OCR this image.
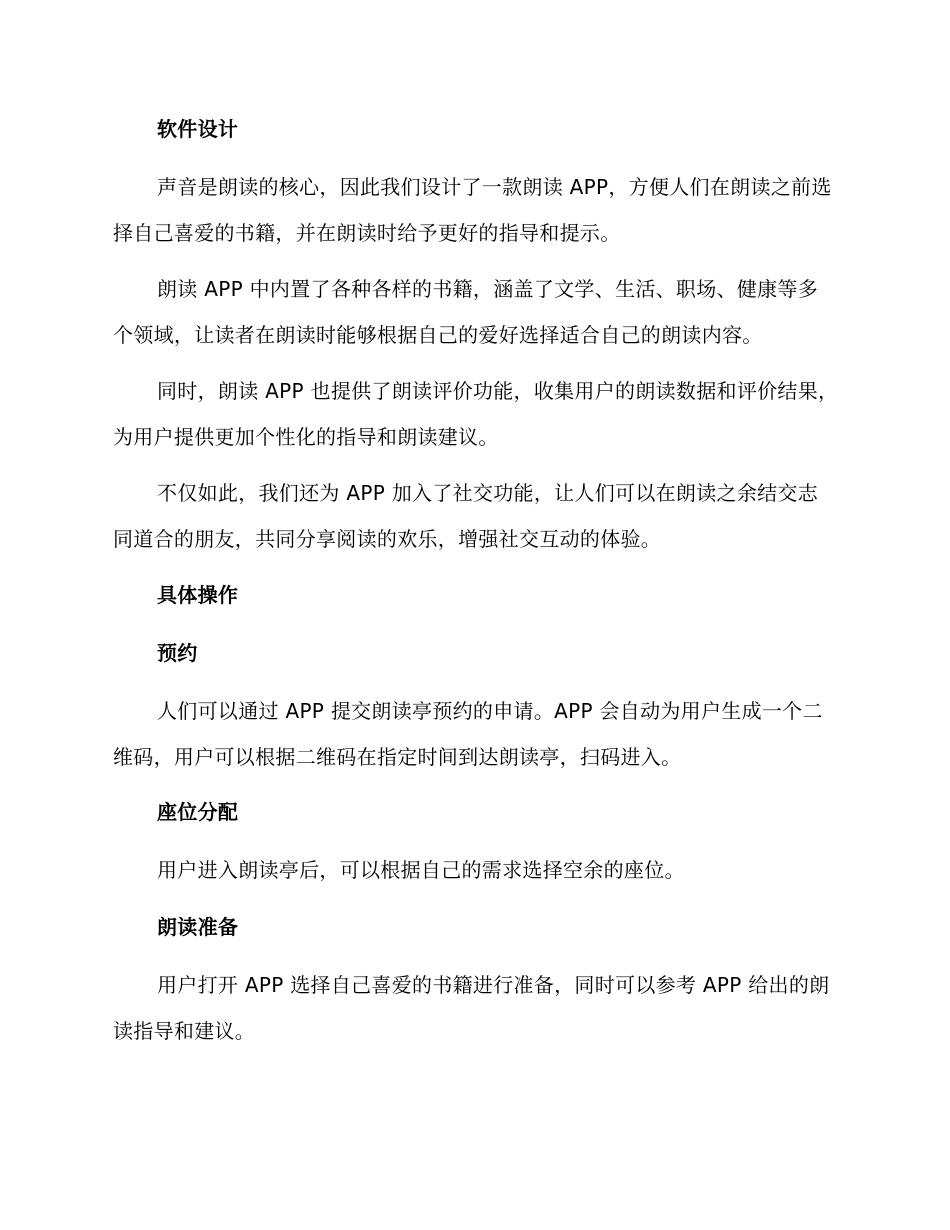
软件设计

声音是朗读的核心，因此我们设计了一款朗读 APP，方便人们在朗读之前选择自己喜爱的书籍，并在朗读时给予更好的指导和提示。

朗读 APP 中内置了各种各样的书籍，涵盖了文学、生活、职场、健康等多个领域，让读者在朗读时能够根据自己的爱好选择适合自己的朗读内容。

同时，朗读 APP 也提供了朗读评价功能，收集用户的朗读数据和评价结果，为用户提供更加个性化的指导和朗读建议。

不仅如此，我们还为 APP 加入了社交功能，让人们可以在朗读之余结交志同道合的朋友，共同分享阅读的欢乐，增强社交互动的体验。

具体操作
预约

人们可以通过 APP 提交朗读亭预约的申请。APP 会自动为用户生成一个二维码，用户可以根据二维码在指定时间到达朗读亭，扫码进入。

座位分配

用户进入朗读亭后，可以根据自己的需求选择空余的座位。

朗读准备

用户打开 APP 选择自己喜爱的书籍进行准备，同时可以参考 APP 给出的朗读指导和建议。
